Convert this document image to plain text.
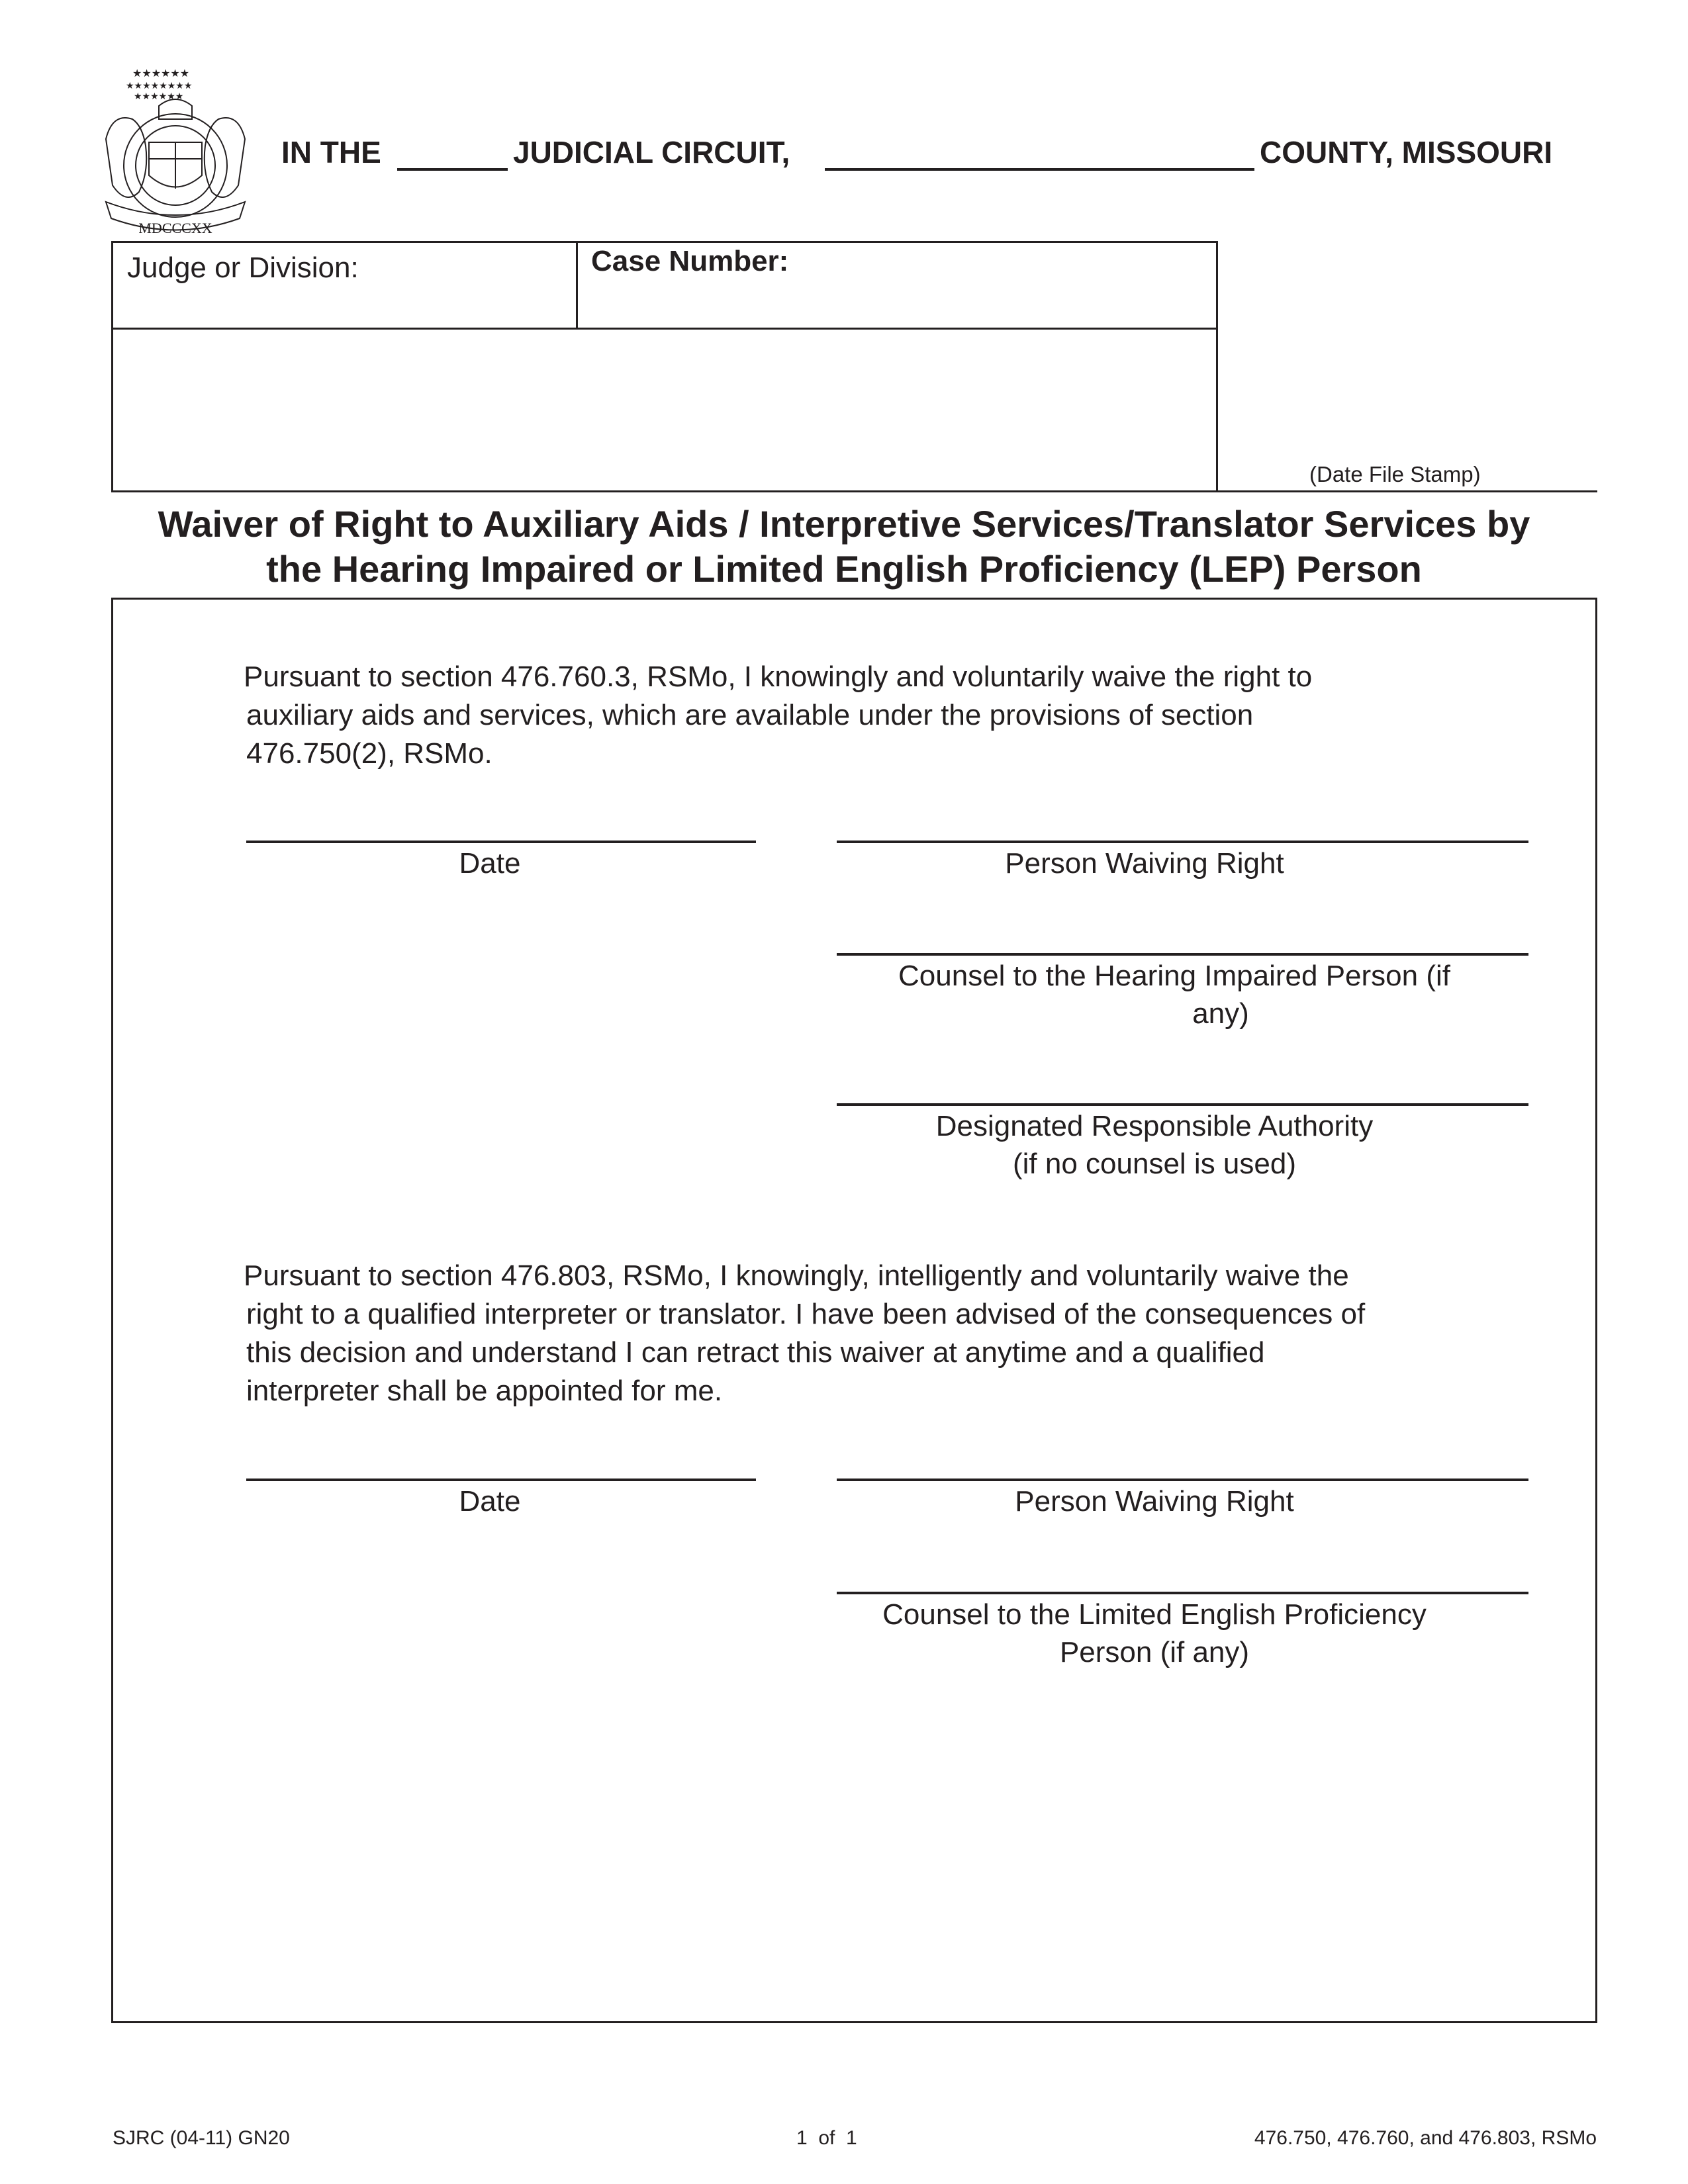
★★★★★★
★★★★★★★★
★★★★★★
MDCCCXX
IN THE	JUDICIAL CIRCUIT,	COUNTY, MISSOURI
Judge or Division:	Case Number:
(Date File Stamp)
Waiver of Right to Auxiliary Aids / Interpretive Services/Translator Services by
the Hearing Impaired or Limited English Proficiency (LEP) Person
Pursuant to section 476.760.3, RSMo, I knowingly and voluntarily waive the right to
auxiliary aids and services, which are available under the provisions of section
476.750(2), RSMo.
Date	Person Waiving Right
Counsel to the Hearing Impaired Person (if
any)
Designated Responsible Authority
(if no counsel is used)
Pursuant to section 476.803, RSMo, I knowingly, intelligently and voluntarily waive the
right to a qualified interpreter or translator. I have been advised of the consequences of
this decision and understand I can retract this waiver at anytime and a qualified
interpreter shall be appointed for me.
Date	Person Waiving Right
Counsel to the Limited English Proficiency
Person (if any)
SJRC (04-11) GN20	1  of  1	476.750, 476.760, and 476.803, RSMo
